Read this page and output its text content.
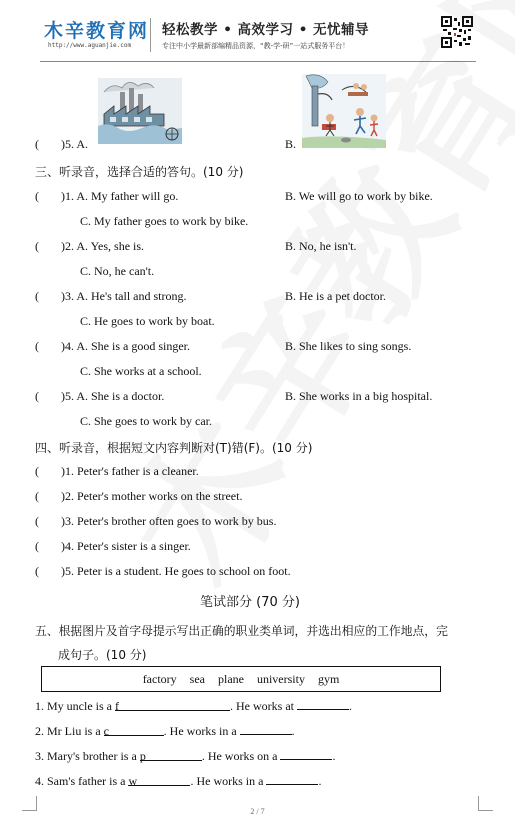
木辛教育网
http://www.aguanjie.com
轻松教学 • 高效学习 • 无忧辅导
专注中小学最新部编精品资源，“教-学-研”一站式服务平台！
( )5. A.	B.
三、听录音，选择合适的答句。(10 分)
( )1. A. My father will go.	B. We will go to work by bike.
C. My father goes to work by bike.
( )2. A. Yes, she is.	B. No, he isn't.
C. No, he can't.
( )3. A. He's tall and strong.	B. He is a pet doctor.
C. He goes to work by boat.
( )4. A. She is a good singer.	B. She likes to sing songs.
C. She works at a school.
( )5. A. She is a doctor.	B. She works in a big hospital.
C. She goes to work by car.
四、听录音，根据短文内容判断对(T)错(F)。(10 分)
( )1. Peter's father is a cleaner.
( )2. Peter's mother works on the street.
( )3. Peter's brother often goes to work by bus.
( )4. Peter's sister is a singer.
( )5. Peter is a student. He goes to school on foot.
笔试部分 (70 分)
五、根据图片及首字母提示写出正确的职业类单词，并选出相应的工作地点，完
成句子。(10 分)
factory sea plane university gym
1. My uncle is a f	. He works at	.
2. Mr Liu is a c	. He works in a	.
3. Mary's brother is a p	. He works on a	.
4. Sam's father is a w	. He works in a	.
2 / 7
